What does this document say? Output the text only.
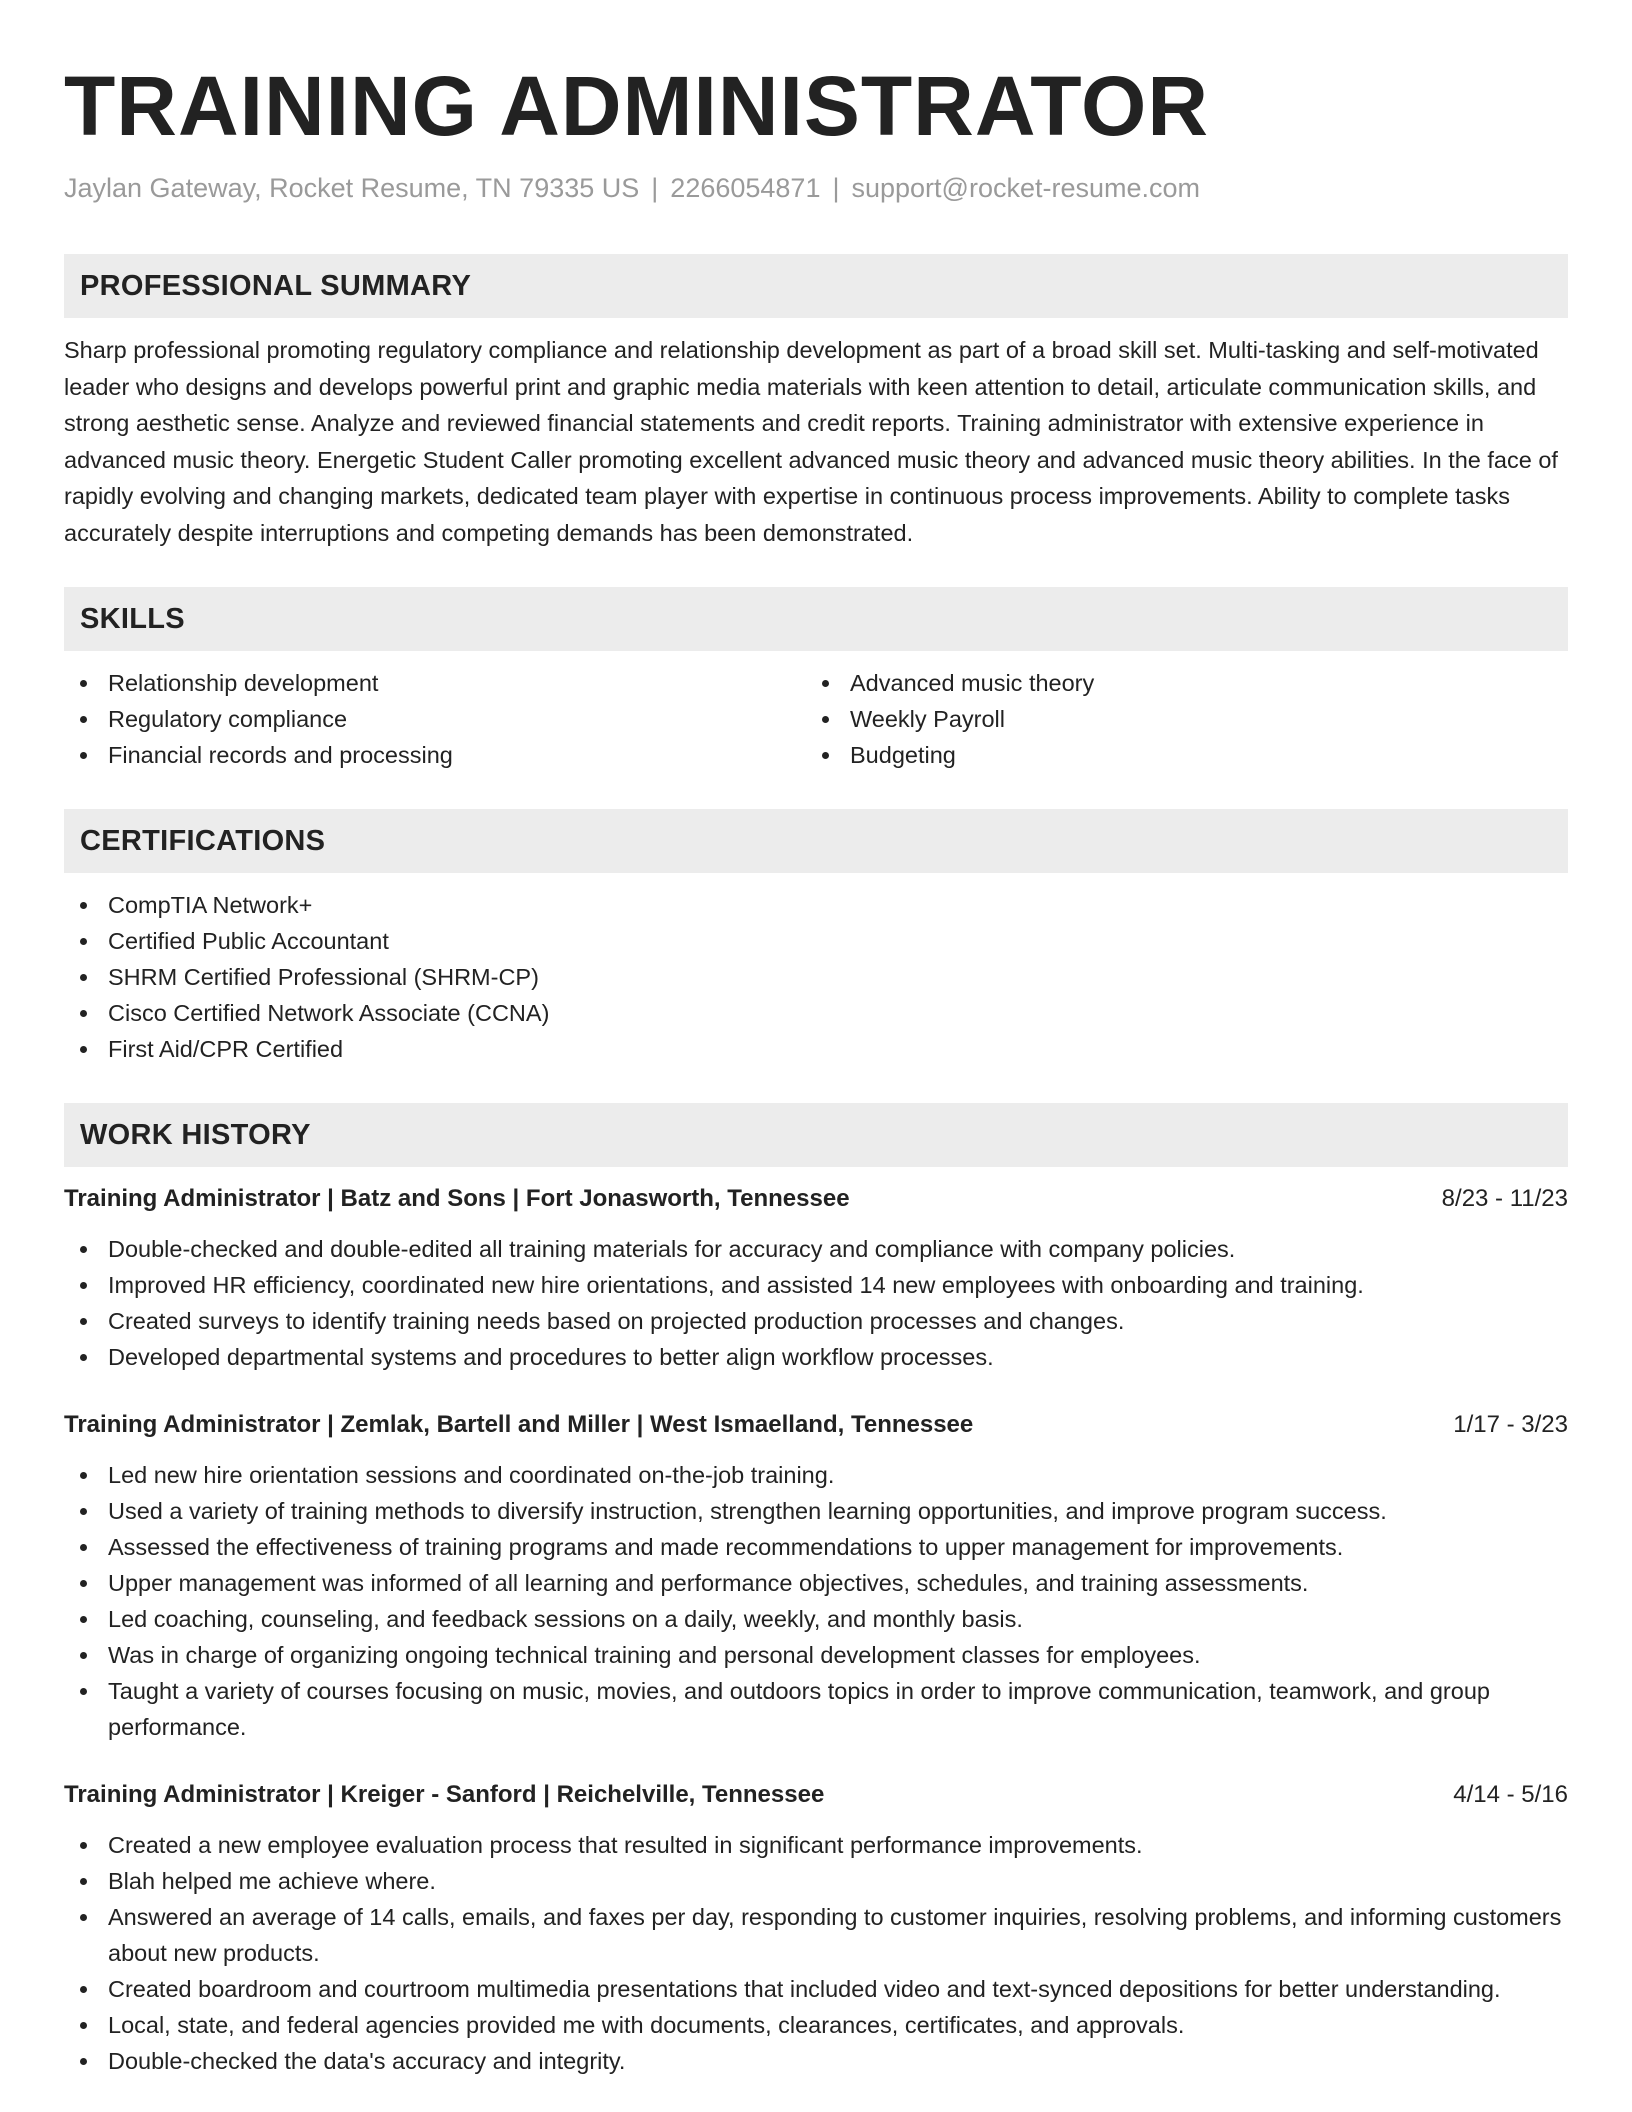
TRAINING ADMINISTRATOR
Jaylan Gateway, Rocket Resume, TN 79335 US | 2266054871 | support@rocket-resume.com
PROFESSIONAL SUMMARY
Sharp professional promoting regulatory compliance and relationship development as part of a broad skill set. Multi-tasking and self-motivated leader who designs and develops powerful print and graphic media materials with keen attention to detail, articulate communication skills, and strong aesthetic sense. Analyze and reviewed financial statements and credit reports. Training administrator with extensive experience in advanced music theory. Energetic Student Caller promoting excellent advanced music theory and advanced music theory abilities. In the face of rapidly evolving and changing markets, dedicated team player with expertise in continuous process improvements. Ability to complete tasks accurately despite interruptions and competing demands has been demonstrated.
SKILLS
Relationship development
Regulatory compliance
Financial records and processing
Advanced music theory
Weekly Payroll
Budgeting
CERTIFICATIONS
CompTIA Network+
Certified Public Accountant
SHRM Certified Professional (SHRM-CP)
Cisco Certified Network Associate (CCNA)
First Aid/CPR Certified
WORK HISTORY
Training Administrator | Batz and Sons | Fort Jonasworth, Tennessee	8/23 - 11/23
Double-checked and double-edited all training materials for accuracy and compliance with company policies.
Improved HR efficiency, coordinated new hire orientations, and assisted 14 new employees with onboarding and training.
Created surveys to identify training needs based on projected production processes and changes.
Developed departmental systems and procedures to better align workflow processes.
Training Administrator | Zemlak, Bartell and Miller | West Ismaelland, Tennessee	1/17 - 3/23
Led new hire orientation sessions and coordinated on-the-job training.
Used a variety of training methods to diversify instruction, strengthen learning opportunities, and improve program success.
Assessed the effectiveness of training programs and made recommendations to upper management for improvements.
Upper management was informed of all learning and performance objectives, schedules, and training assessments.
Led coaching, counseling, and feedback sessions on a daily, weekly, and monthly basis.
Was in charge of organizing ongoing technical training and personal development classes for employees.
Taught a variety of courses focusing on music, movies, and outdoors topics in order to improve communication, teamwork, and group performance.
Training Administrator | Kreiger - Sanford | Reichelville, Tennessee	4/14 - 5/16
Created a new employee evaluation process that resulted in significant performance improvements.
Blah helped me achieve where.
Answered an average of 14 calls, emails, and faxes per day, responding to customer inquiries, resolving problems, and informing customers about new products.
Created boardroom and courtroom multimedia presentations that included video and text-synced depositions for better understanding.
Local, state, and federal agencies provided me with documents, clearances, certificates, and approvals.
Double-checked the data's accuracy and integrity.
